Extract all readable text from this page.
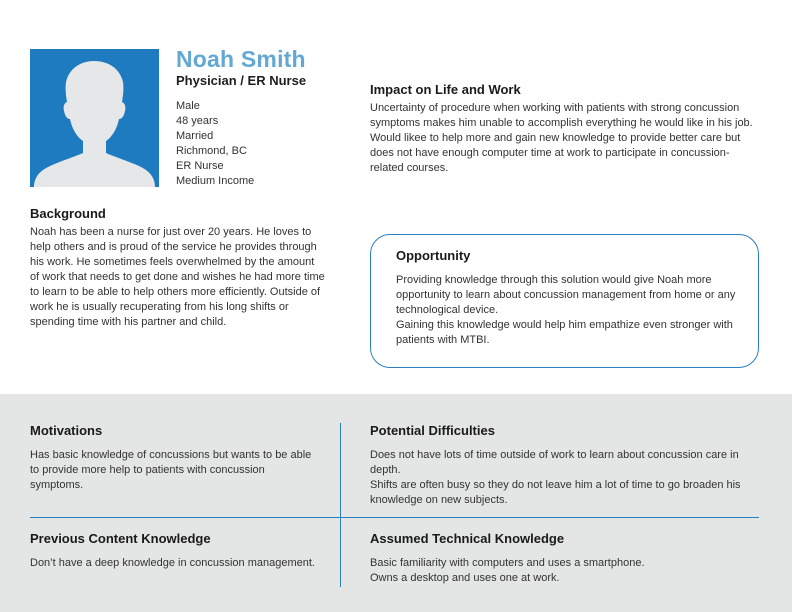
Noah Smith
Physician / ER Nurse
Male
48 years
Married
Richmond, BC
ER Nurse
Medium Income
Background
Noah has been a nurse for just over 20 years. He loves to help others and is proud of the service he provides through his work. He sometimes feels overwhelmed by the amount of work that needs to get done and wishes he had more time to learn to be able to help others more efficiently. Outside of work he is usually recuperating from his long shifts or spending time with his partner and child.
Impact on Life and Work

Uncertainty of procedure when working with patients with strong concussion symptoms makes him unable to accomplish everything he would like in his job.

Would likee to help more and gain new knowledge to provide better care but does not have enough computer time at work to participate in concussion-related courses.

Opportunity

Providing knowledge through this solution would give Noah more opportunity to learn about concussion management from home or any technological device.

Gaining this knowledge would help him empathize even stronger with patients with MTBI.

Motivations

Has basic knowledge of concussions but wants to be able to provide more help to patients with concussion symptoms.

Potential Difficulties

Does not have lots of time outside of work to learn about concussion care in depth.

Shifts are often busy so they do not leave him a lot of time to go broaden his knowledge on new subjects.

Previous Content Knowledge

Don’t have a deep knowledge in concussion management.

Assumed Technical Knowledge

Basic familiarity with computers and uses a smartphone.

Owns a desktop and uses one at work.
